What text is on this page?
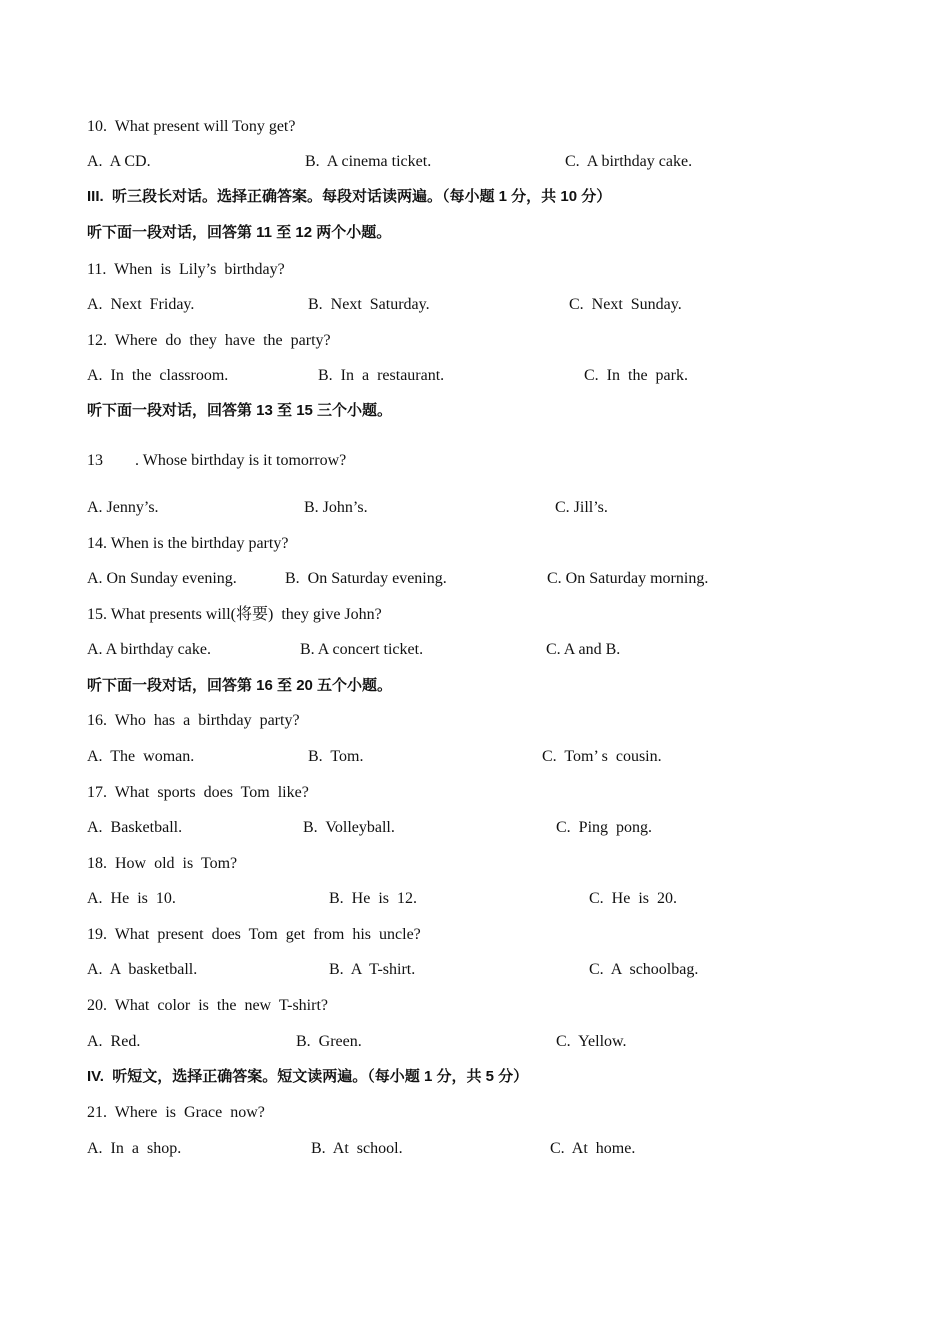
10.  What present will Tony get?
A.  A CD.	B.  A cinema ticket.	C.  A birthday cake.
III.  听三段长对话。选择正确答案。每段对话读两遍。（每小题 1 分，共 10 分）
听下面一段对话，回答第 11 至 12 两个小题。
11.  When  is  Lily’s  birthday?
A.  Next  Friday.	B.  Next  Saturday.	C.  Next  Sunday.
12.  Where  do  they  have  the  party?
A.  In  the  classroom.	B.  In  a  restaurant.	C.  In  the  park.
听下面一段对话，回答第 13 至 15 三个小题。
13 . Whose birthday is it tomorrow?
A. Jenny’s.	B. John’s.	C. Jill’s.
14. When is the birthday party?
A. On Sunday evening.	B.  On Saturday evening.	C. On Saturday morning.
15. What presents will(将要)  they give John?
A. A birthday cake.	B. A concert ticket.	C. A and B.
听下面一段对话，回答第 16 至 20 五个小题。
16.  Who  has  a  birthday  party?
A.  The  woman.	B.  Tom.	C.  Tom’ s  cousin.
17.  What  sports  does  Tom  like?
A.  Basketball.	B.  Volleyball.	C.  Ping  pong.
18.  How  old  is  Tom?
A.  He  is  10.	B.  He  is  12.	C.  He  is  20.
19.  What  present  does  Tom  get  from  his  uncle?
A.  A  basketball.	B.  A  T-shirt.	C.  A  schoolbag.
20.  What  color  is  the  new  T-shirt?
A.  Red.	B.  Green.	C.  Yellow.
IV.  听短文，选择正确答案。短文读两遍。（每小题 1 分，共 5 分）
21.  Where  is  Grace  now?
A.  In  a  shop.	B.  At  school.	C.  At  home.
